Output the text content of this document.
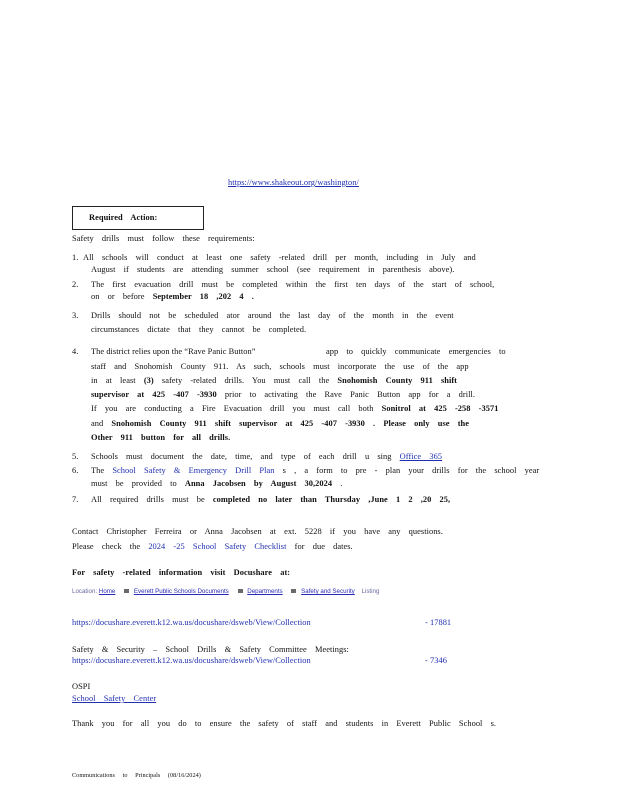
https://www.shakeout.org/washington/
Required Action:
Safety drills must follow these requirements:
1. All schools will conduct at least one safety -related drill per month, including in July and
August if students are attending summer school (see requirement in parenthesis above).
2. The first evacuation drill must be completed within the first ten days of the start of school,
on or before September 18 ,202 4 .
3. Drills should not be scheduled ator around the last day of the month in the event
circumstances dictate that they cannot be completed.
4. The district relies upon the “Rave Panic Button”	app to quickly communicate emergencies to
staff and Snohomish County 911. As such, schools must incorporate the use of the app
in at least (3) safety -related drills. You must call the Snohomish County 911 shift
supervisor at 425 -407 -3930 prior to activating the Rave Panic Button app for a drill.
If you are conducting a Fire Evacuation drill you must call both Sonitrol at 425 -258 -3571
and Snohomish County 911 shift supervisor at 425 -407 -3930 . Please only use the
Other 911 button for all drills.
5. Schools must document the date, time, and type of each drill u sing Office 365
6. The School Safety & Emergency Drill Plan s , a form to pre - plan your drills for the school year
must be provided to Anna Jacobsen by August 30,2024 .
7. All required drills must be completed no later than Thursday ,June 1 2 ,20 25,
Contact Christopher Ferreira or Anna Jacobsen at ext. 5228 if you have any questions.
Please check the 2024 -25 School Safety Checklist for due dates.
For safety -related information visit Docushare at:
Location: Home	Everett Public Schools Documents	Departments	Safety and Security Listing
https://docushare.everett.k12.wa.us/docushare/dsweb/View/Collection	- 17881
Safety & Security – School Drills & Safety Committee Meetings:
https://docushare.everett.k12.wa.us/docushare/dsweb/View/Collection	- 7346
OSPI
School Safety Center
Thank you for all you do to ensure the safety of staff and students in Everett Public School s.
Communications to Principals (08/16/2024)
